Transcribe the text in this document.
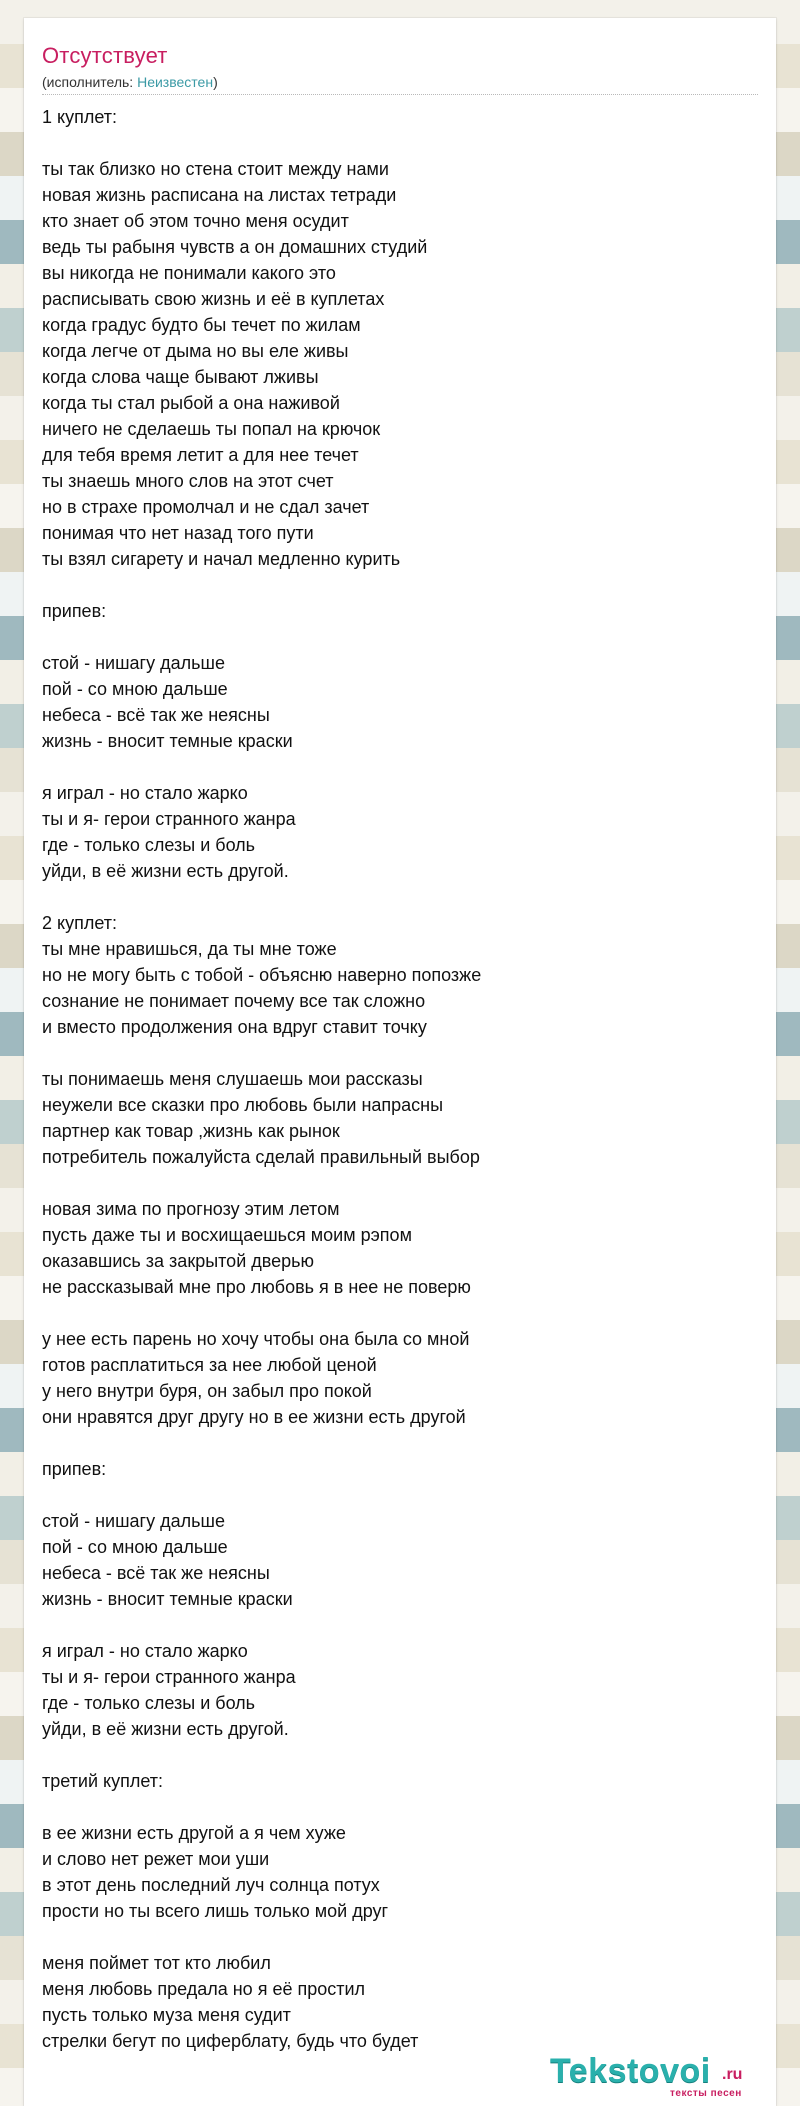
Отсутствует
(исполнитель: Неизвестен)
1 куплет:
ты так близко но стена стоит между нами
новая жизнь расписана на листах тетради
кто знает об этом точно меня осудит
ведь ты рабыня чувств а он домашних студий
вы никогда не понимали какого это
расписывать свою жизнь и её в куплетах
когда градус будто бы течет по жилам
когда легче от дыма но вы еле живы
когда слова чаще бывают лживы
когда ты стал рыбой а она наживой
ничего не сделаешь ты попал на крючок
для тебя время летит а для нее течет
ты знаешь много слов на этот счет
но в страхе промолчал и не сдал зачет
понимая что нет назад того пути
ты взял сигарету и начал медленно курить
припев:
стой - нишагу дальше
пой - со мною дальше
небеса - всё так же неясны
жизнь - вносит темные краски
я играл - но стало жарко
ты и я- герои странного жанра
где - только слезы и боль
уйди, в её жизни есть другой.
2 куплет:
ты мне нравишься, да ты мне тоже
но не могу быть с тобой - объясню наверно попозже
сознание не понимает почему все так сложно
и вместо продолжения она вдруг ставит точку
ты понимаешь меня слушаешь мои рассказы
неужели все сказки про любовь были напрасны
партнер как товар ,жизнь как рынок
потребитель пожалуйста сделай правильный выбор
новая зима по прогнозу этим летом
пусть даже ты и восхищаешься моим рэпом
оказавшись за закрытой дверью
не рассказывай мне про любовь я в нее не поверю
у нее есть парень но хочу чтобы она была со мной
готов расплатиться за нее любой ценой
у него внутри буря, он забыл про покой
они нравятся друг другу но в ее жизни есть другой
припев:
стой - нишагу дальше
пой - со мною дальше
небеса - всё так же неясны
жизнь - вносит темные краски
я играл - но стало жарко
ты и я- герои странного жанра
где - только слезы и боль
уйди, в её жизни есть другой.
третий куплет:
в ее жизни есть другой а я чем хуже
и слово нет режет мои уши
в этот день последний луч солнца потух
прости но ты всего лишь только мой друг
меня поймет тот кто любил
меня любовь предала но я её простил
пусть только муза меня судит
стрелки бегут по циферблату, будь что будет
Tekstovoi .ru
тексты песен
